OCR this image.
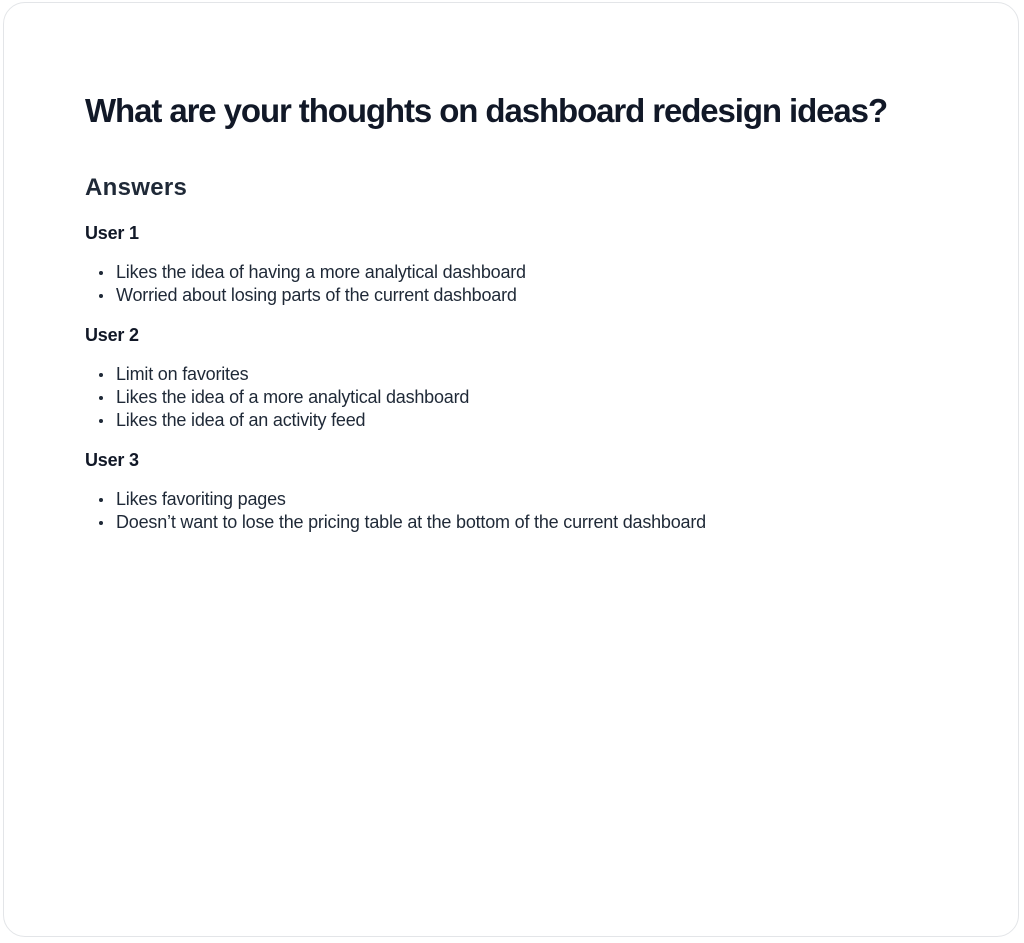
What are your thoughts on dashboard redesign ideas?
Answers
User 1
Likes the idea of having a more analytical dashboard
Worried about losing parts of the current dashboard
User 2
Limit on favorites
Likes the idea of a more analytical dashboard
Likes the idea of an activity feed
User 3
Likes favoriting pages
Doesn’t want to lose the pricing table at the bottom of the current dashboard
